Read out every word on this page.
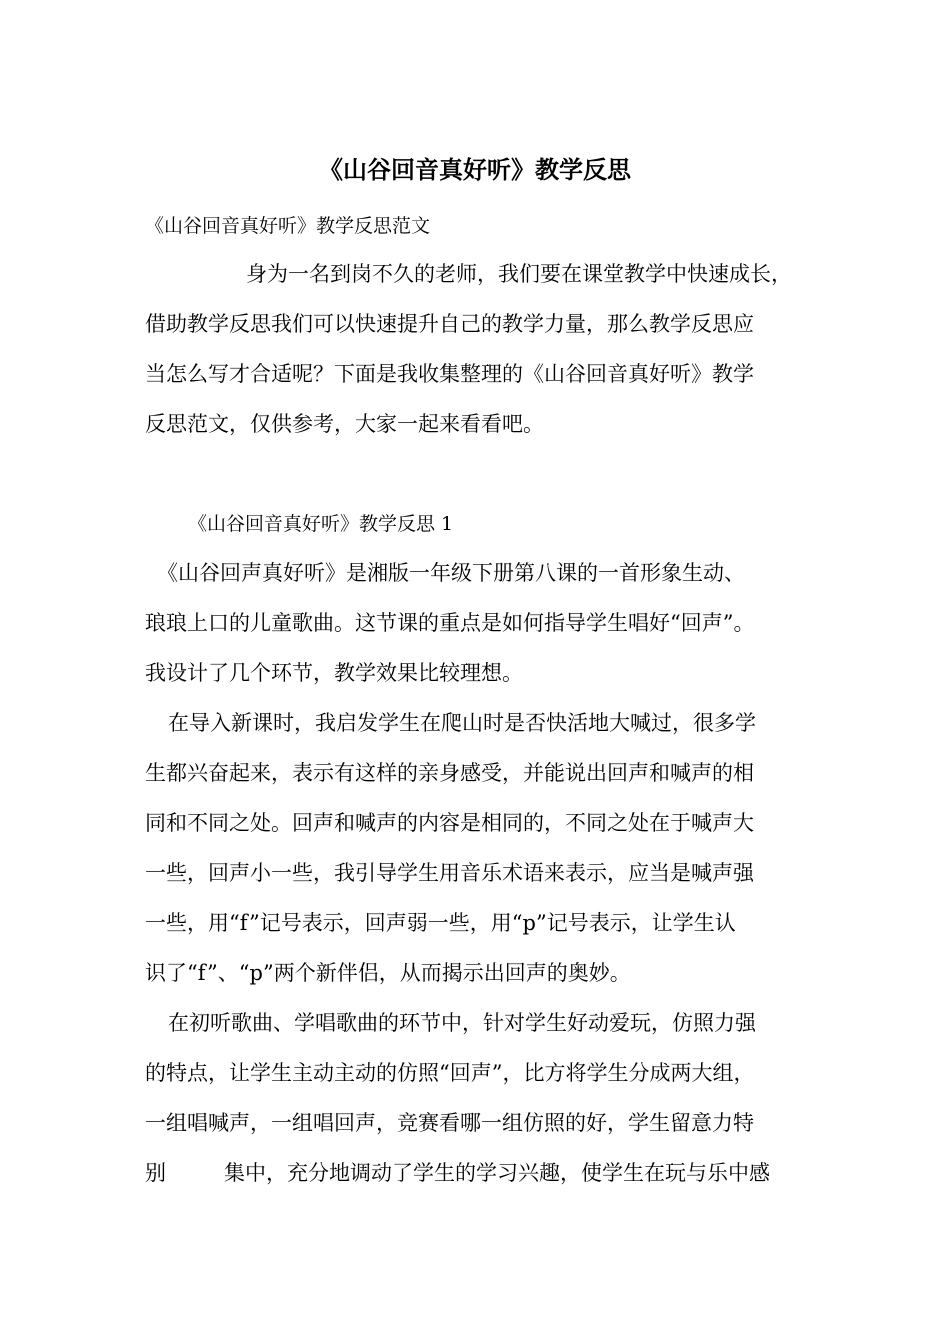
《山谷回音真好听》教学反思
《山谷回音真好听》教学反思范文
身为一名到岗不久的老师，我们要在课堂教学中快速成长，
借助教学反思我们可以快速提升自己的教学力量，那么教学反思应
当怎么写才合适呢？下面是我收集整理的《山谷回音真好听》教学
反思范文，仅供参考，大家一起来看看吧。
《山谷回音真好听》教学反思 1
《山谷回声真好听》是湘版一年级下册第八课的一首形象生动、
琅琅上口的儿童歌曲。这节课的重点是如何指导学生唱好“回声”。
我设计了几个环节，教学效果比较理想。
在导入新课时，我启发学生在爬山时是否快活地大喊过，很多学
生都兴奋起来，表示有这样的亲身感受，并能说出回声和喊声的相
同和不同之处。回声和喊声的内容是相同的，不同之处在于喊声大
一些，回声小一些，我引导学生用音乐术语来表示，应当是喊声强
一些，用“f”记号表示，回声弱一些，用“p”记号表示，让学生认
识了“f”、“p”两个新伴侣，从而揭示出回声的奥妙。
在初听歌曲、学唱歌曲的环节中，针对学生好动爱玩，仿照力强
的特点，让学生主动主动的仿照“回声”，比方将学生分成两大组，
一组唱喊声，一组唱回声，竞赛看哪一组仿照的好，学生留意力特
别	集中，充分地调动了学生的学习兴趣，使学生在玩与乐中感
